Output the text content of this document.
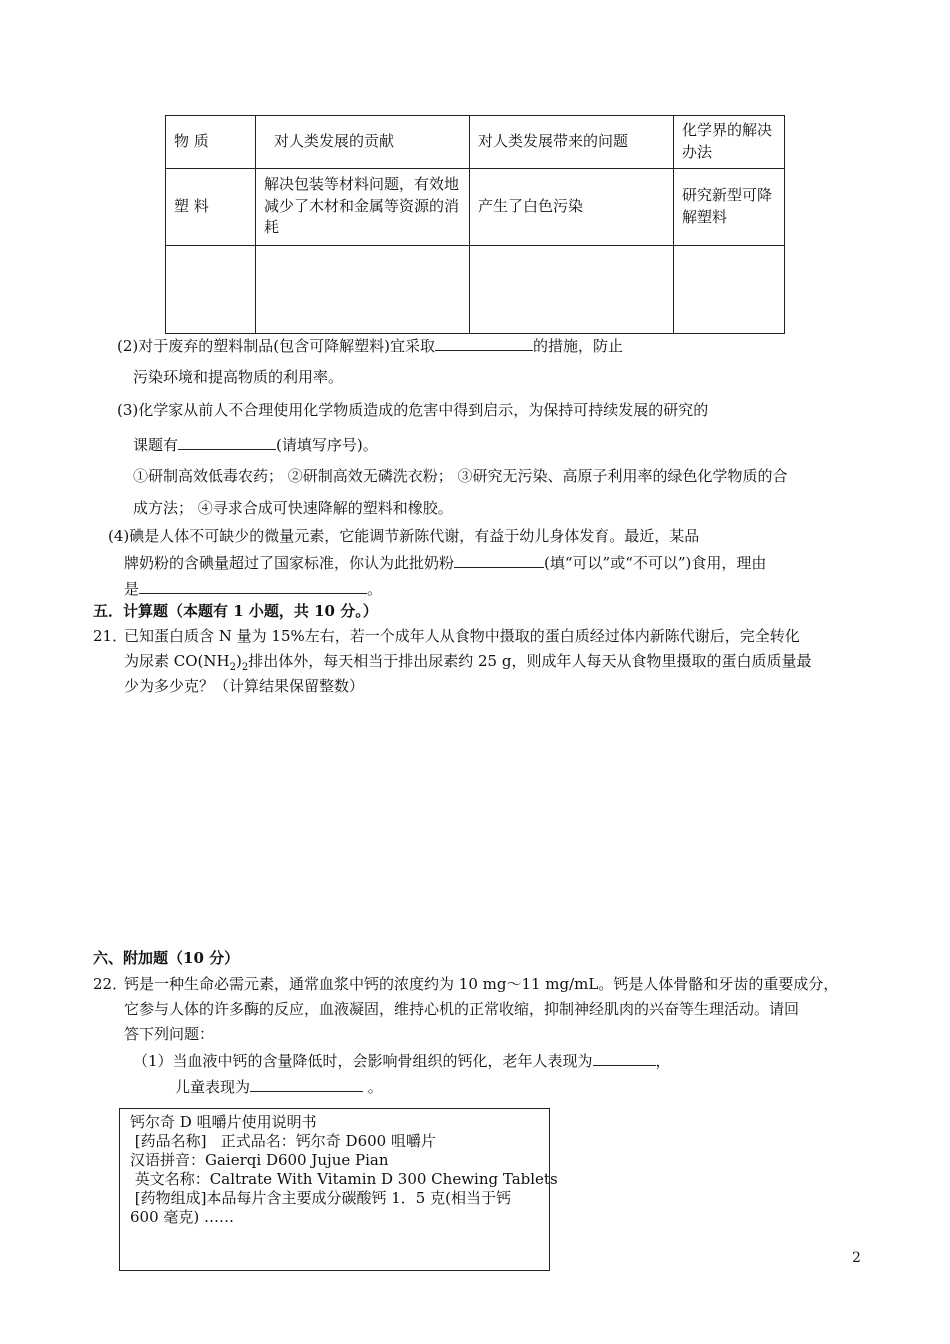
物 质	对人类发展的贡献	对人类发展带来的问题	化学界的解决办法
塑 料	解决包装等材料问题，有效地减少了木材和金属等资源的消耗	产生了白色污染	研究新型可降解塑料

(2)对于废弃的塑料制品(包含可降解塑料)宜采取	的措施，防止
污染环境和提高物质的利用率。
(3)化学家从前人不合理使用化学物质造成的危害中得到启示，为保持可持续发展的研究的
课题有	(请填写序号)。
①研制高效低毒农药； ②研制高效无磷洗衣粉； ③研究无污染、高原子利用率的绿色化学物质的合
成方法； ④寻求合成可快速降解的塑料和橡胶。
(4)碘是人体不可缺少的微量元素，它能调节新陈代谢，有益于幼儿身体发育。最近，某品
牌奶粉的含碘量超过了国家标准，你认为此批奶粉	(填“可以”或“不可以”)食用，理由
是	。
五．计算题（本题有 1 小题，共 10 分。）
21．
已知蛋白质含 N 量为 15%左右，若一个成年人从食物中摄取的蛋白质经过体内新陈代谢后，完全转化
为尿素 $CO(NH_2)_2$排出体外，每天相当于排出尿素约 25 g，则成年人每天从食物里摄取的蛋白质质量最
少为多少克？（计算结果保留整数）
六、附加题（10 分）
22．
钙是一种生命必需元素，通常血浆中钙的浓度约为 10 mg～11 mg/mL。钙是人体骨骼和牙齿的重要成分，
它参与人体的许多酶的反应，血液凝固，维持心机的正常收缩，抑制神经肌肉的兴奋等生理活动。请回
答下列问题：
（1）当血液中钙的含量降低时，会影响骨组织的钙化，老年人表现为	，
儿童表现为	。
钙尔奇 D 咀嚼片使用说明书
[药品名称]   正式品名：钙尔奇 D600 咀嚼片
汉语拼音：Gaierqi D600 Jujue Pian
英文名称：Caltrate With Vitamin D 300 Chewing Tablets
[药物组成]本品每片含主要成分碳酸钙 1．5 克(相当于钙
600 毫克) ……
2
